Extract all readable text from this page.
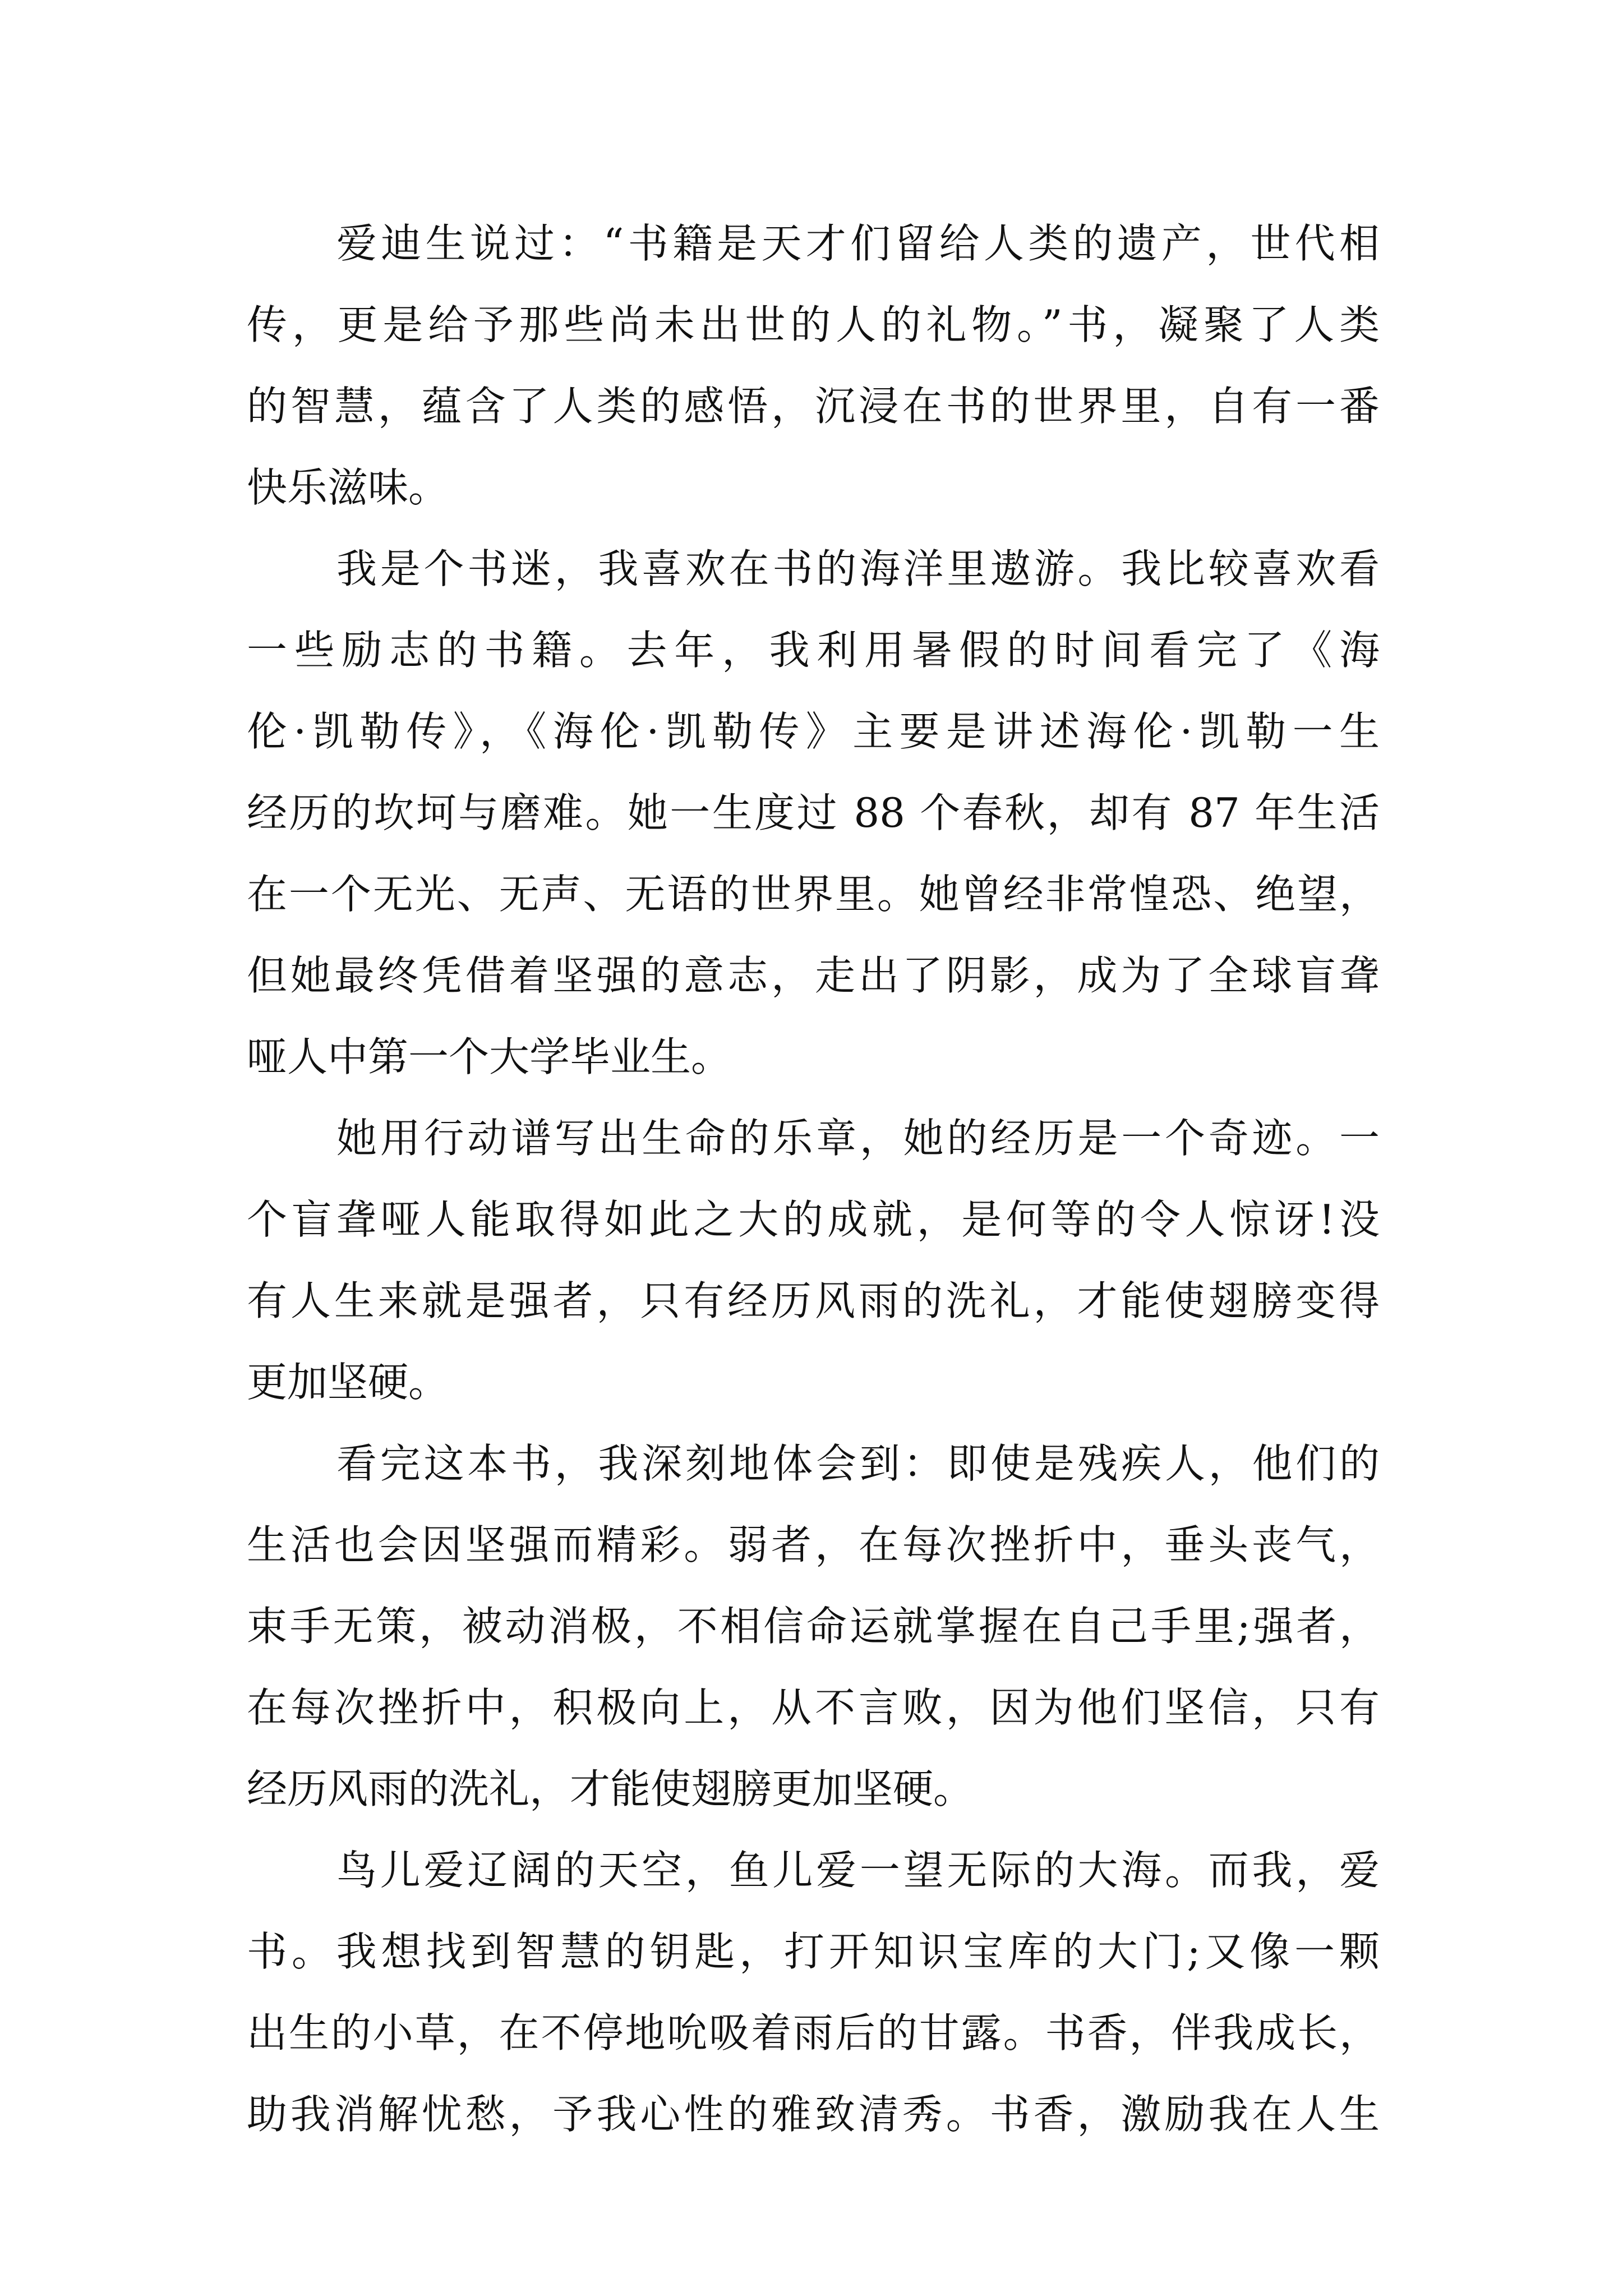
爱迪生说过：“书籍是天才们留给人类的遗产，世代相
传，更是给予那些尚未出世的人的礼物。”书，凝聚了人类
的智慧，蕴含了人类的感悟，沉浸在书的世界里，自有一番
快乐滋味。
我是个书迷，我喜欢在书的海洋里遨游。我比较喜欢看
一些励志的书籍。去年，我利用暑假的时间看完了《海
伦·凯勒传》，《海伦·凯勒传》主要是讲述海伦·凯勒一生
经历的坎坷与磨难。她一生度过 88 个春秋，却有 87 年生活
在一个无光、无声、无语的世界里。她曾经非常惶恐、绝望，
但她最终凭借着坚强的意志，走出了阴影，成为了全球盲聋
哑人中第一个大学毕业生。
她用行动谱写出生命的乐章，她的经历是一个奇迹。一
个盲聋哑人能取得如此之大的成就，是何等的令人惊讶!没
有人生来就是强者，只有经历风雨的洗礼，才能使翅膀变得
更加坚硬。
看完这本书，我深刻地体会到：即使是残疾人，他们的
生活也会因坚强而精彩。弱者，在每次挫折中，垂头丧气，
束手无策，被动消极，不相信命运就掌握在自己手里;强者，
在每次挫折中，积极向上，从不言败，因为他们坚信，只有
经历风雨的洗礼，才能使翅膀更加坚硬。
鸟儿爱辽阔的天空，鱼儿爱一望无际的大海。而我，爱
书。我想找到智慧的钥匙，打开知识宝库的大门;又像一颗
出生的小草，在不停地吮吸着雨后的甘露。书香，伴我成长，
助我消解忧愁，予我心性的雅致清秀。书香，激励我在人生
